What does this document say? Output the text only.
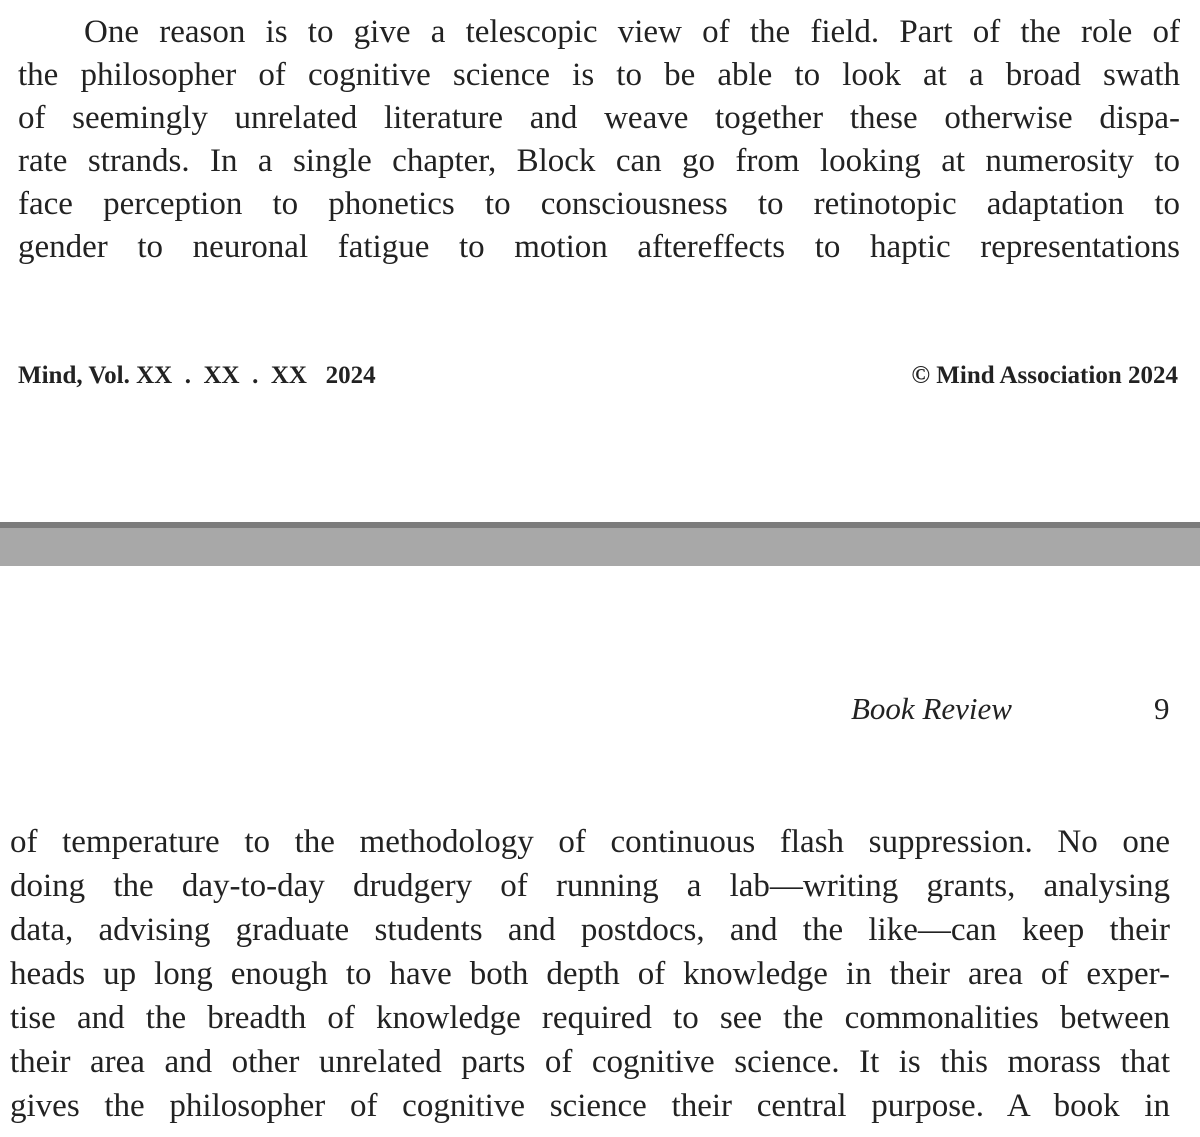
One reason is to give a telescopic view of the field. Part of the role of
the philosopher of cognitive science is to be able to look at a broad swath
of seemingly unrelated literature and weave together these otherwise dispa-
rate strands. In a single chapter, Block can go from looking at numerosity to
face perception to phonetics to consciousness to retinotopic adaptation to
gender to neuronal fatigue to motion aftereffects to haptic representations
Mind, Vol. XX  .  XX  .  XX   2024	© Mind Association 2024
Book Review	9
of temperature to the methodology of continuous flash suppression. No one
doing the day-to-day drudgery of running a lab—writing grants, analysing
data, advising graduate students and postdocs, and the like—can keep their
heads up long enough to have both depth of knowledge in their area of exper-
tise and the breadth of knowledge required to see the commonalities between
their area and other unrelated parts of cognitive science. It is this morass that
gives the philosopher of cognitive science their central purpose. A book in
